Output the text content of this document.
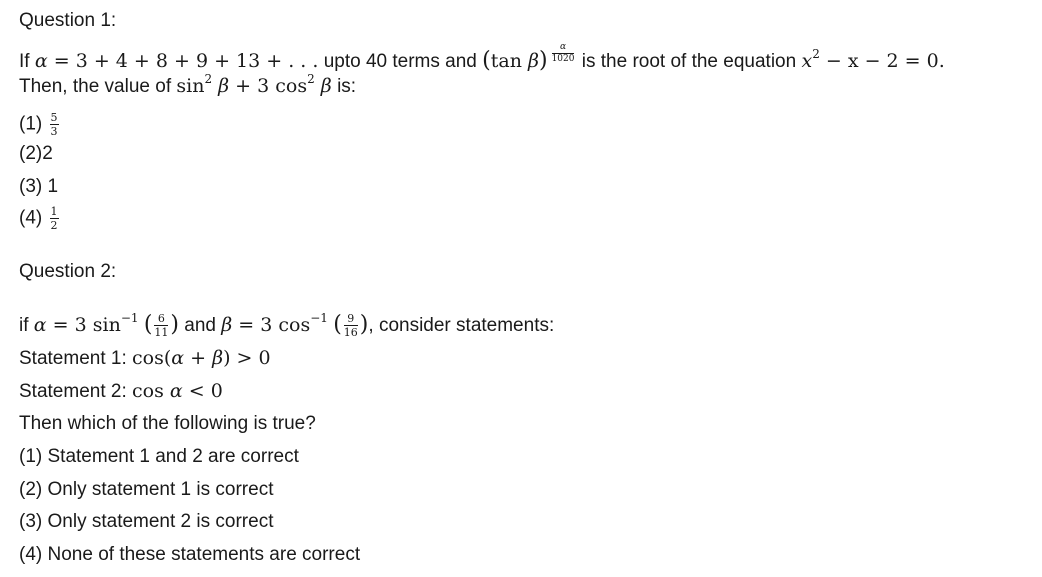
Question 1:
If α = 3 + 4 + 8 + 9 + 13 + . . . upto 40 terms and (tan $\beta) \frac{\alpha}{1020}$ is the root of the equation $x^2 - x - 2 = 0$.
Then, the value of $\sin^2 \beta + 3$ $\cos^2 \beta$ is:
$(1) \frac{5}{3}$
(2)2
(3) 1
$(4) \frac{1}{2}$
Question 2:
if α = 3 $\sin^{-1}$ ( $\frac{6}{11}$ ) and β = 3 $\cos^{-1}$ ( $\frac{9}{16}$ ), consider statements:
Statement 1: cos(α + β) > 0
Statement 2: cos α < 0
Then which of the following is true?
(1) Statement 1 and 2 are correct
(2) Only statement 1 is correct
(3) Only statement 2 is correct
(4) None of these statements are correct
